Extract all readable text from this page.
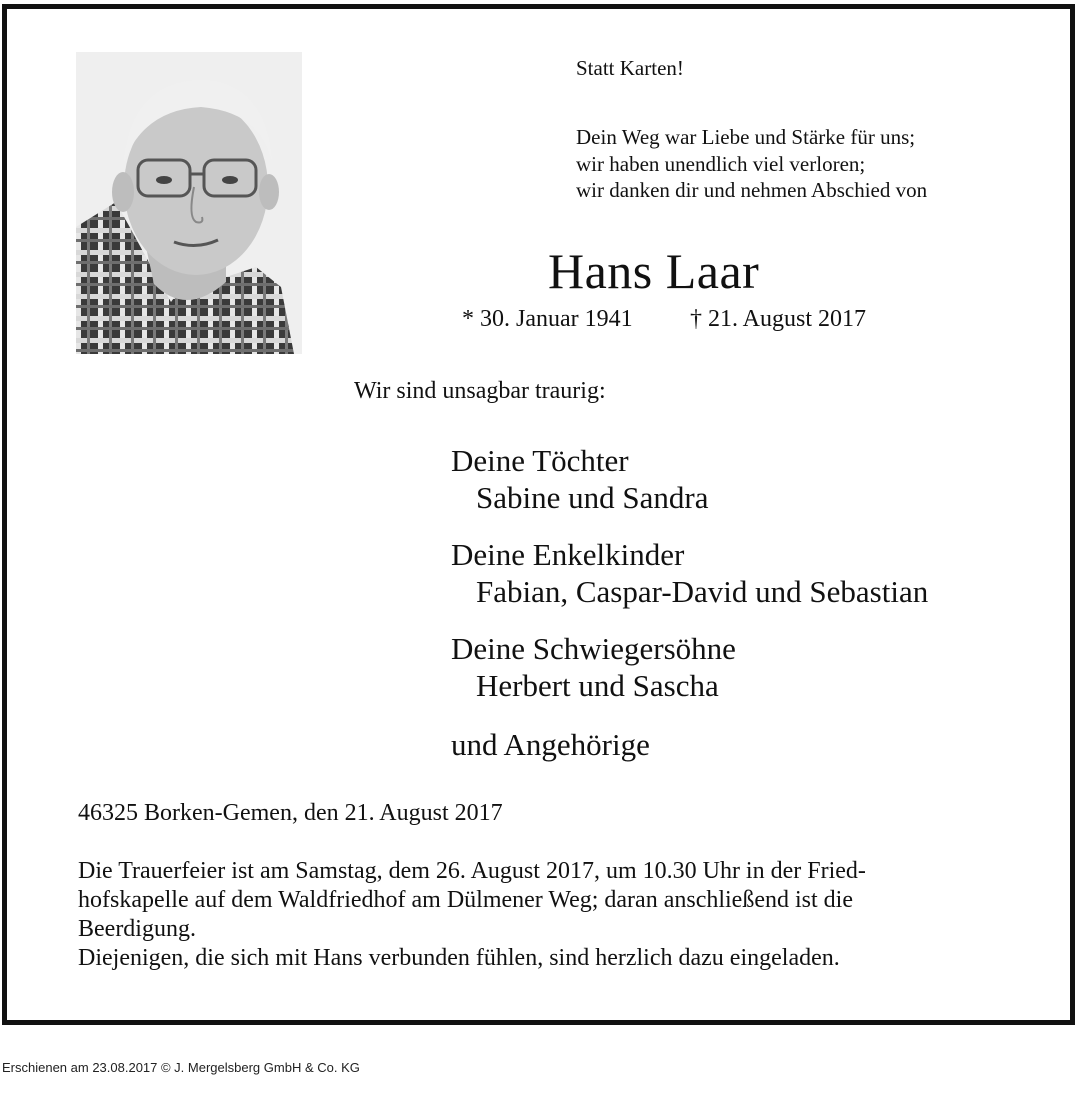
Statt Karten!
Dein Weg war Liebe und Stärke für uns;
wir haben unendlich viel verloren;
wir danken dir und nehmen Abschied von
Hans Laar
* 30. Januar 1941 † 21. August 2017
Wir sind unsagbar traurig:
Deine Töchter
Sabine und Sandra
Deine Enkelkinder
Fabian, Caspar-David und Sebastian
Deine Schwiegersöhne
Herbert und Sascha
und Angehörige
46325 Borken-Gemen, den 21. August 2017
Die Trauerfeier ist am Samstag, dem 26. August 2017, um 10.30 Uhr in der Fried-
hofskapelle auf dem Waldfriedhof am Dülmener Weg; daran anschließend ist die
Beerdigung.
Diejenigen, die sich mit Hans verbunden fühlen, sind herzlich dazu eingeladen.
Erschienen am 23.08.2017 © J. Mergelsberg GmbH & Co. KG
